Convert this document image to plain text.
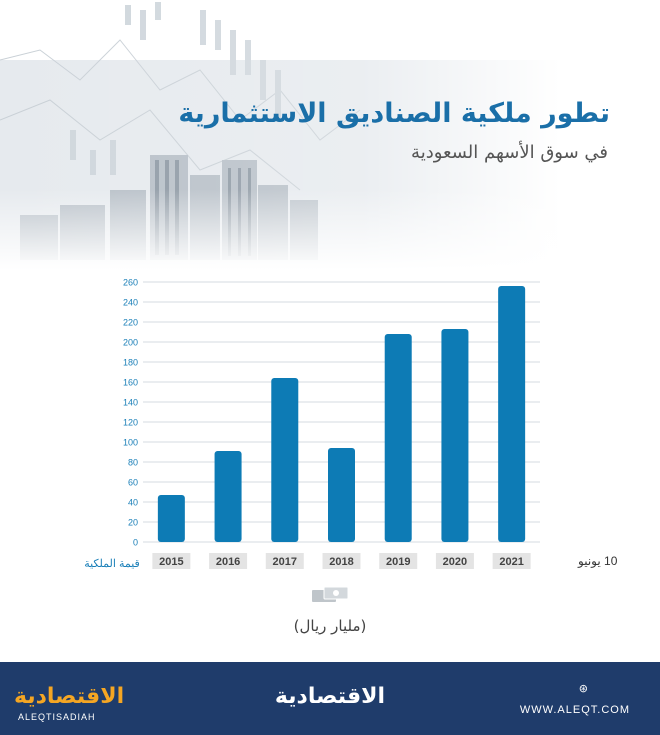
تطور ملكية الصناديق الاستثمارية
في سوق الأسهم السعودية
0
20
40
60
80
100
120
140
160
180
200
220
240
260
2015	2016	2017	2018	2019	2020	2021
قيمة الملكية	10 يونيو
(مليار ريال)
الاقتصادية
ALEQTISADIAH
الاقتصادية	⊛
WWW.ALEQT.COM
